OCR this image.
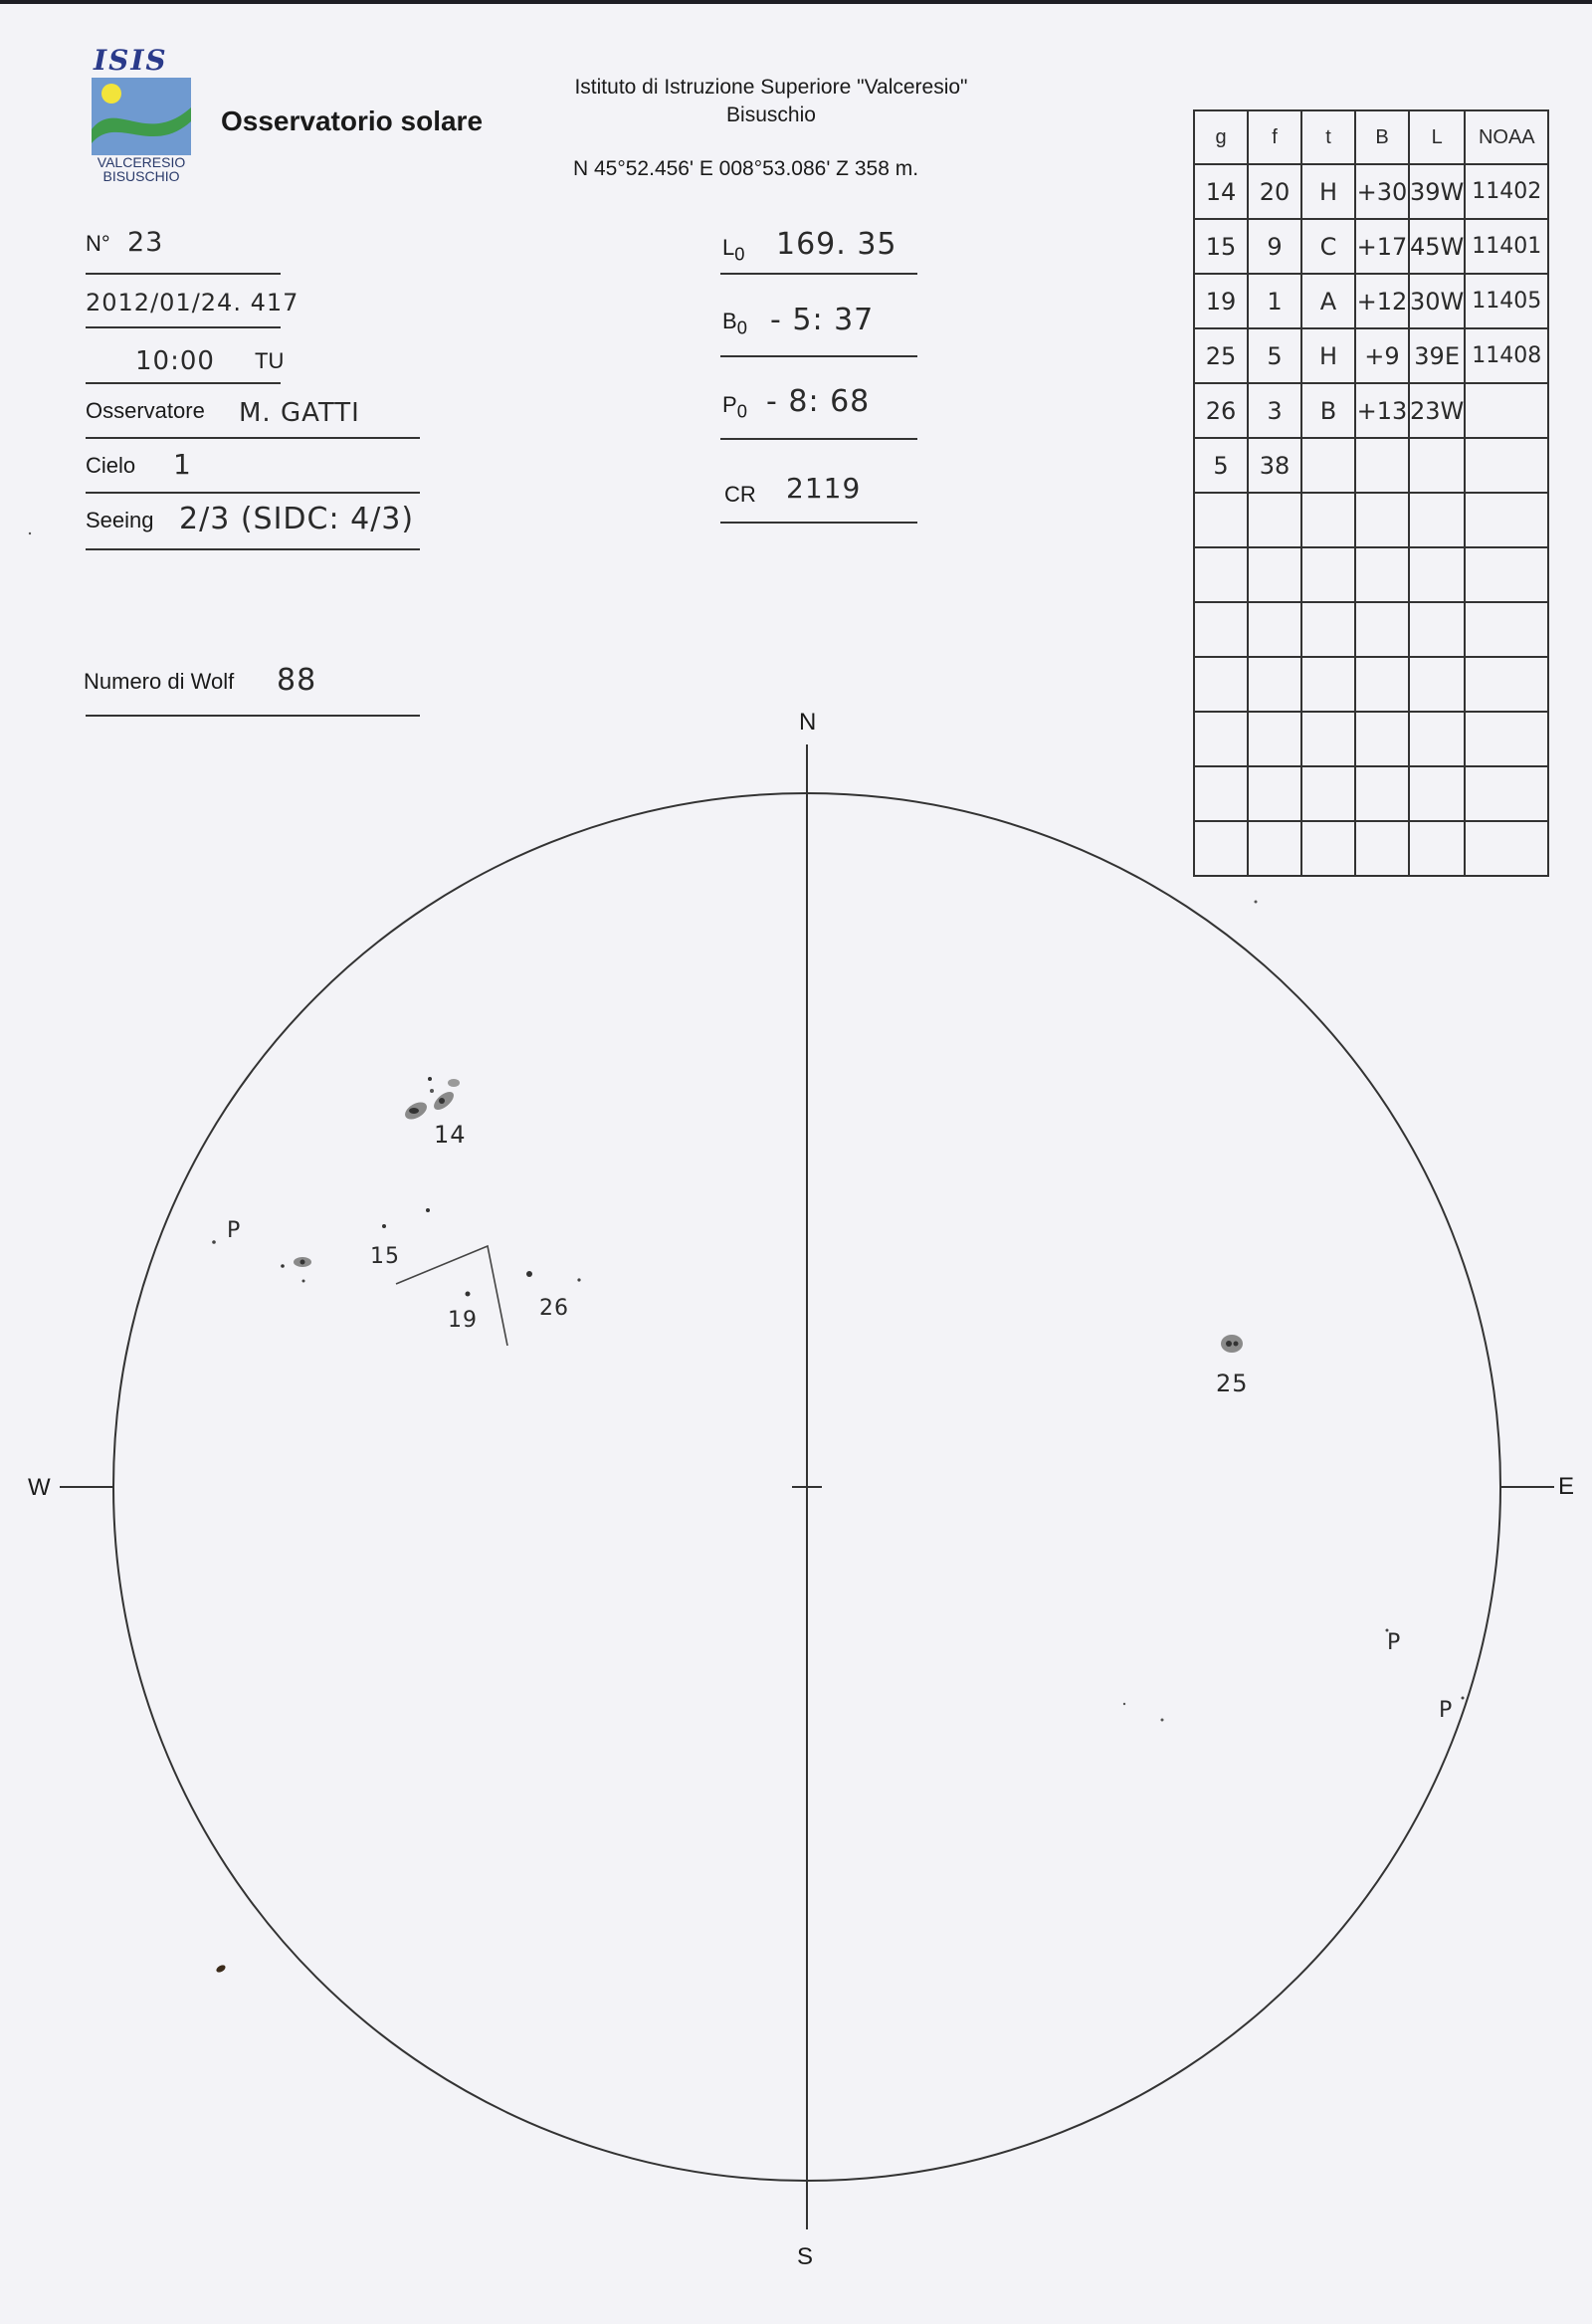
ISIS
VALCERESIO
BISUSCHIO
Osservatorio solare
Istituto di Istruzione Superiore "Valceresio"
Bisuschio
N 45°52.456' E 008°53.086' Z 358 m.
N° 23
2012/01/24. 417
10:00 TU
Osservatore M. GATTI
Cielo 1
Seeing 2/3 (SIDC: 4/3)
Numero di Wolf 88
$L_0$ 169. 35
$B_0 - 5$: 37
$P_0 - 8$: 68
CR 2119
g	f	t	B	L	NOAA
14	20	H	+30	39W	11402
15	9	C	+17	45W	11401
19	1	A	+12	30W	11405
25	5	H	+9	39E	11408
26	3	B	+13	23W	
5	38				

N
S
W	E
14
15
19	26
25
P
P
P
